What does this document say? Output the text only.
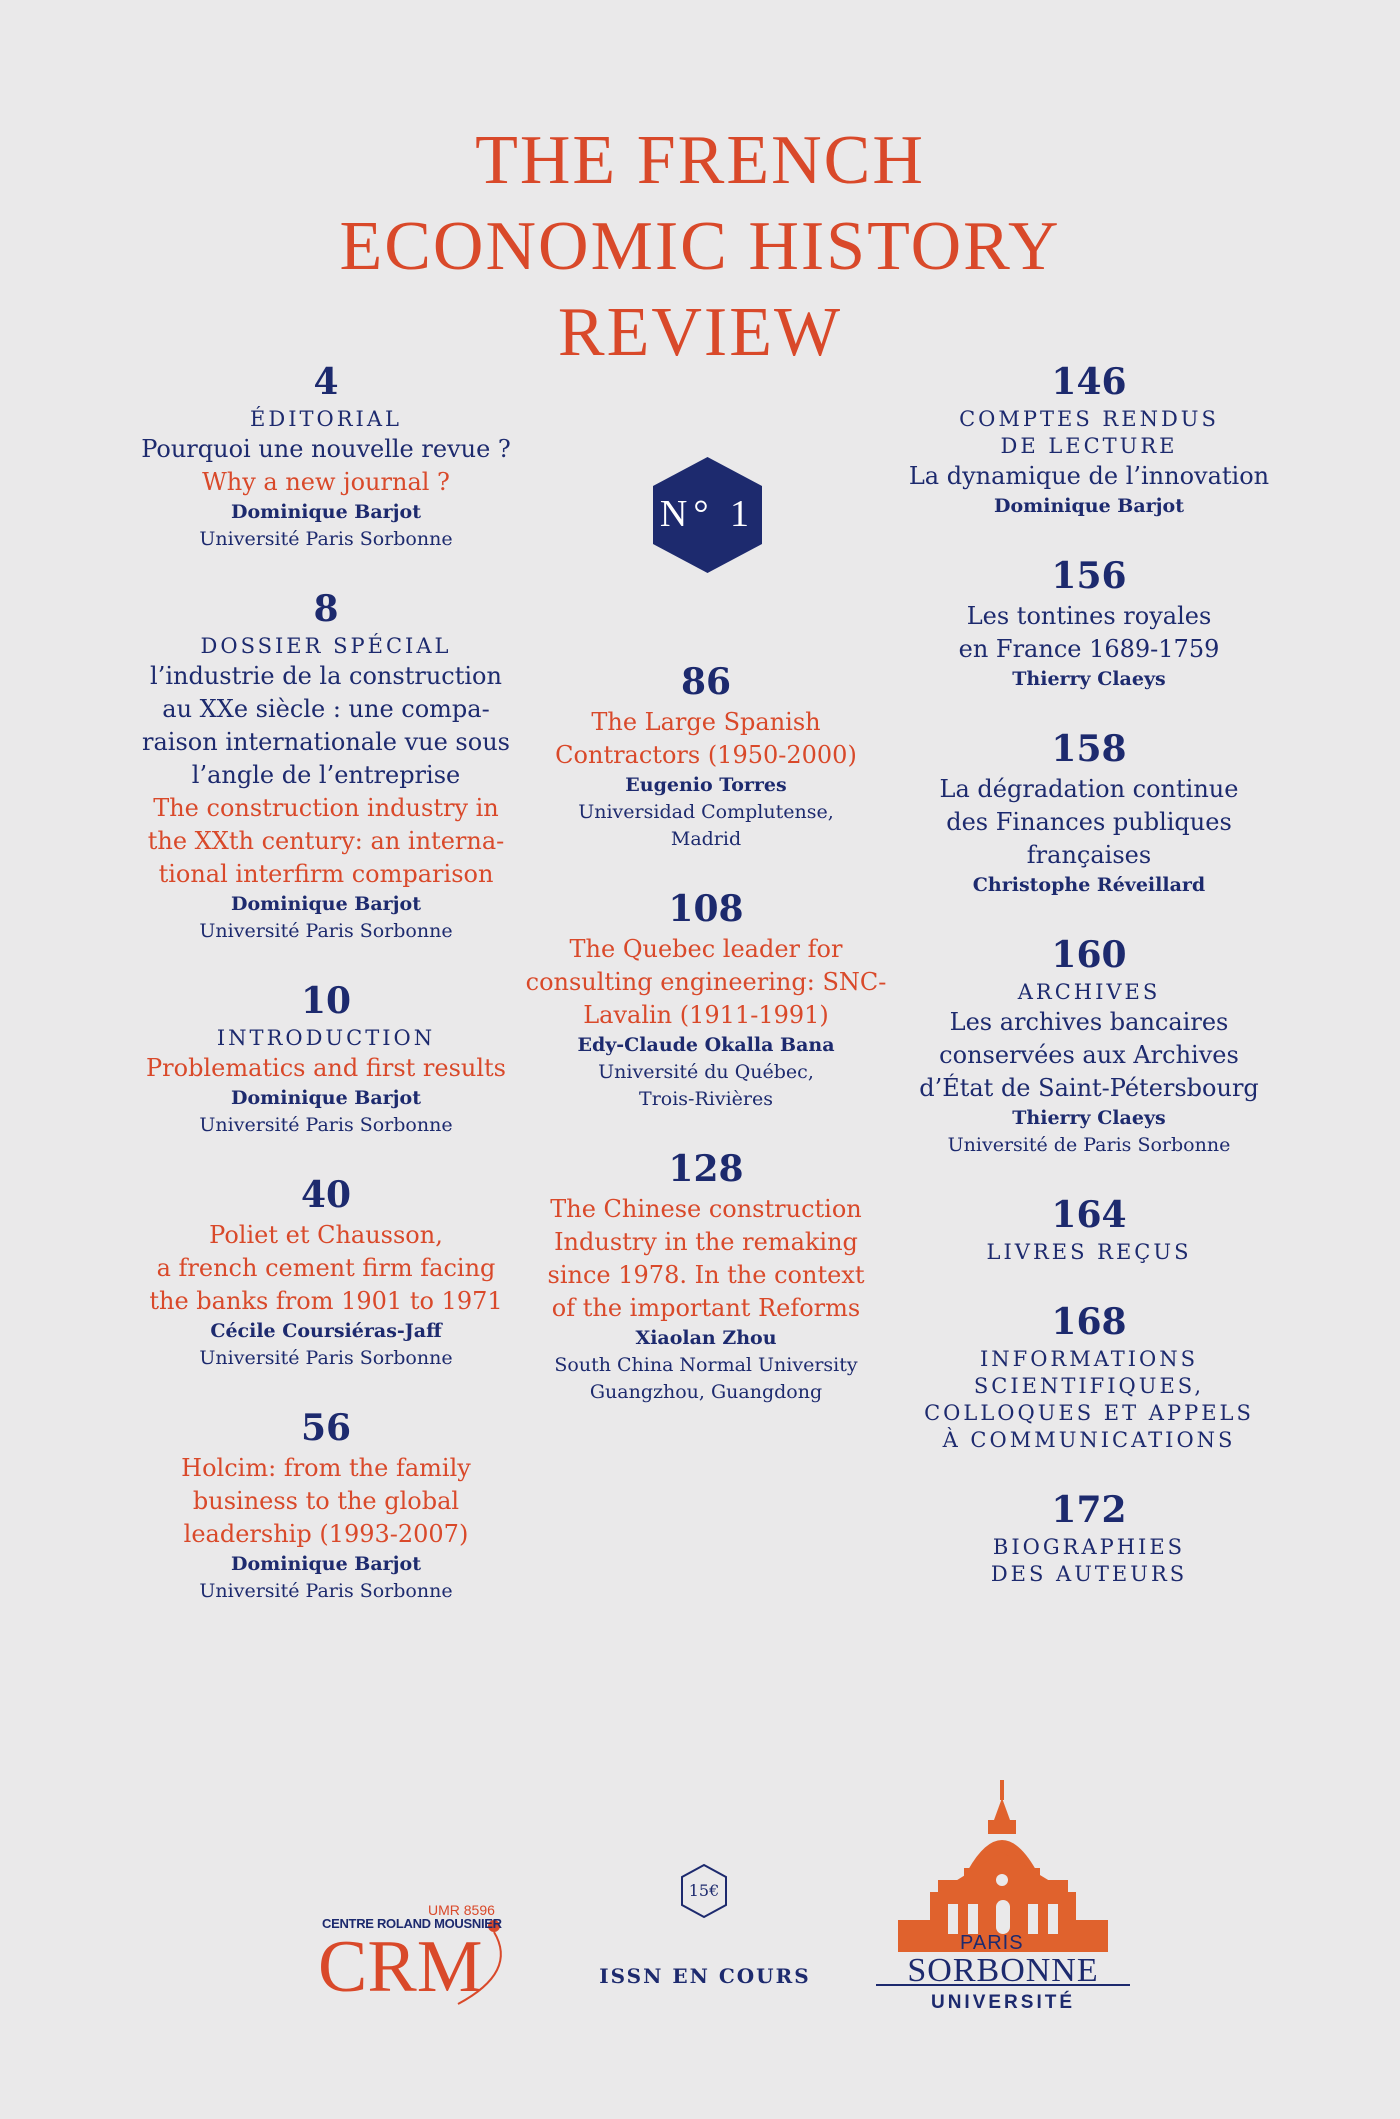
THE FRENCH
ECONOMIC HISTORY
REVIEW
N° 1
4
ÉDITORIAL
Pourquoi une nouvelle revue ?
Why a new journal ?
Dominique Barjot
Université Paris Sorbonne
8
DOSSIER SPÉCIAL
l’industrie de la construction
au XXe siècle : une compa-
raison internationale vue sous
l’angle de l’entreprise
The construction industry in
the XXth century: an interna-
tional interfirm comparison
Dominique Barjot
Université Paris Sorbonne
10
INTRODUCTION
Problematics and first results
Dominique Barjot
Université Paris Sorbonne
40
Poliet et Chausson,
a french cement firm facing
the banks from 1901 to 1971
Cécile Coursiéras-Jaff
Université Paris Sorbonne
56
Holcim: from the family
business to the global
leadership (1993-2007)
Dominique Barjot
Université Paris Sorbonne
86
The Large Spanish
Contractors (1950-2000)
Eugenio Torres
Universidad Complutense,
Madrid
108
The Quebec leader for
consulting engineering: SNC-
Lavalin (1911-1991)
Edy-Claude Okalla Bana
Université du Québec,
Trois-Rivières
128
The Chinese construction
Industry in the remaking
since 1978. In the context
of the important Reforms
Xiaolan Zhou
South China Normal University
Guangzhou, Guangdong
146
COMPTES RENDUS
DE LECTURE
La dynamique de l’innovation
Dominique Barjot
156
Les tontines royales
en France 1689-1759
Thierry Claeys
158
La dégradation continue
des Finances publiques
françaises
Christophe Réveillard
160
ARCHIVES
Les archives bancaires
conservées aux Archives
d’État de Saint-Pétersbourg
Thierry Claeys
Université de Paris Sorbonne
164
LIVRES REÇUS
168
INFORMATIONS
SCIENTIFIQUES,
COLLOQUES ET APPELS
À COMMUNICATIONS
172
BIOGRAPHIES
DES AUTEURS
UMR 8596
CENTRE ROLAND MOUSNIER
CRM
15€
ISSN EN COURS
PARIS
SORBONNE
UNIVERSITÉ
